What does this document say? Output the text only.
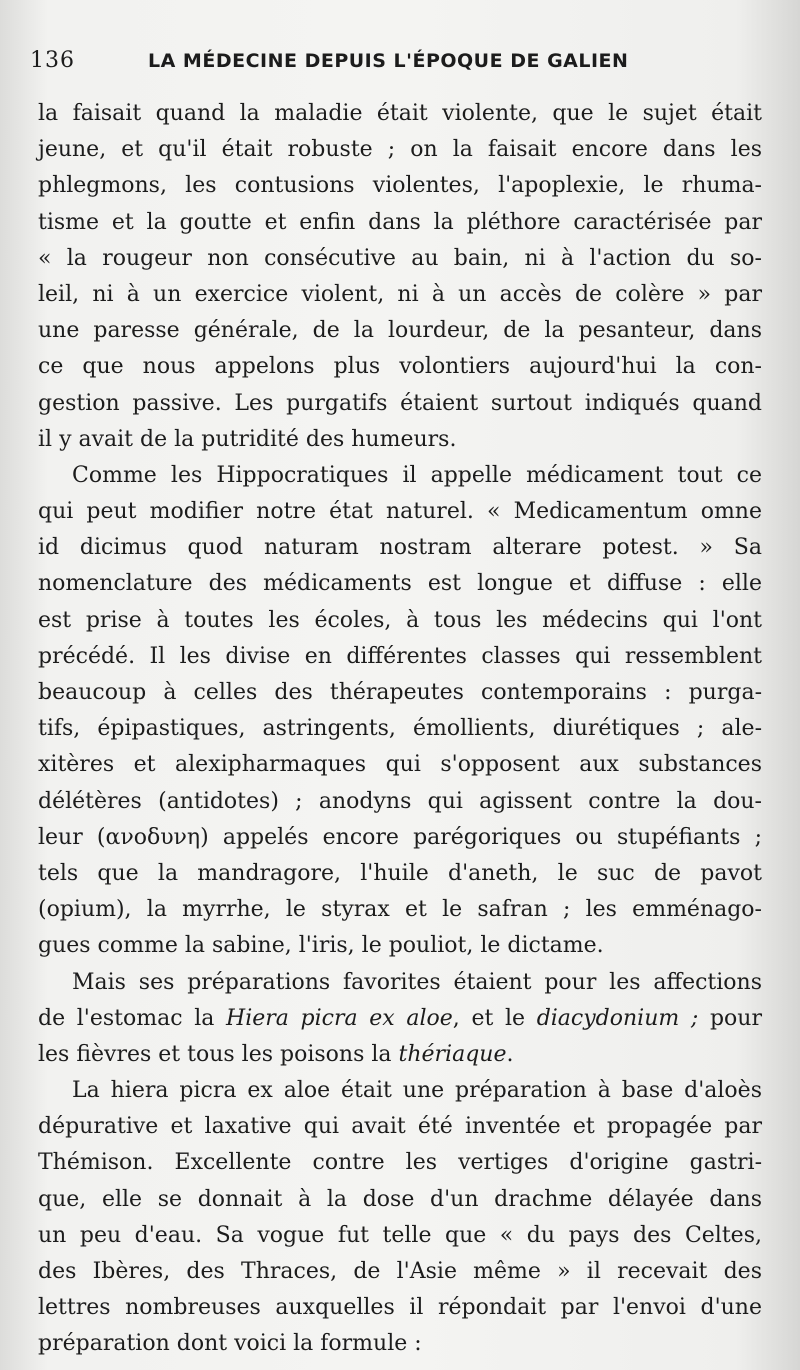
136	LA MÉDECINE DEPUIS L'ÉPOQUE DE GALIEN
la faisait quand la maladie était violente, que le sujet était
jeune, et qu'il était robuste ; on la faisait encore dans les
phlegmons, les contusions violentes, l'apoplexie, le rhuma-
tisme et la goutte et enfin dans la pléthore caractérisée par
« la rougeur non consécutive au bain, ni à l'action du so-
leil, ni à un exercice violent, ni à un accès de colère » par
une paresse générale, de la lourdeur, de la pesanteur, dans
ce que nous appelons plus volontiers aujourd'hui la con-
gestion passive. Les purgatifs étaient surtout indiqués quand
il y avait de la putridité des humeurs.
Comme les Hippocratiques il appelle médicament tout ce
qui peut modifier notre état naturel. « Medicamentum omne
id dicimus quod naturam nostram alterare potest. » Sa
nomenclature des médicaments est longue et diffuse : elle
est prise à toutes les écoles, à tous les médecins qui l'ont
précédé. Il les divise en différentes classes qui ressemblent
beaucoup à celles des thérapeutes contemporains : purga-
tifs, épipastiques, astringents, émollients, diurétiques ; ale-
xitères et alexipharmaques qui s'opposent aux substances
délétères (antidotes) ; anodyns qui agissent contre la dou-
leur (ανοδυνη) appelés encore parégoriques ou stupéfiants ;
tels que la mandragore, l'huile d'aneth, le suc de pavot
(opium), la myrrhe, le styrax et le safran ; les emménago-
gues comme la sabine, l'iris, le pouliot, le dictame.
Mais ses préparations favorites étaient pour les affections
de l'estomac la Hiera picra ex aloe, et le diacydonium ; pour
les fièvres et tous les poisons la thériaque.
La hiera picra ex aloe était une préparation à base d'aloès
dépurative et laxative qui avait été inventée et propagée par
Thémison. Excellente contre les vertiges d'origine gastri-
que, elle se donnait à la dose d'un drachme délayée dans
un peu d'eau. Sa vogue fut telle que « du pays des Celtes,
des Ibères, des Thraces, de l'Asie même » il recevait des
lettres nombreuses auxquelles il répondait par l'envoi d'une
préparation dont voici la formule :
